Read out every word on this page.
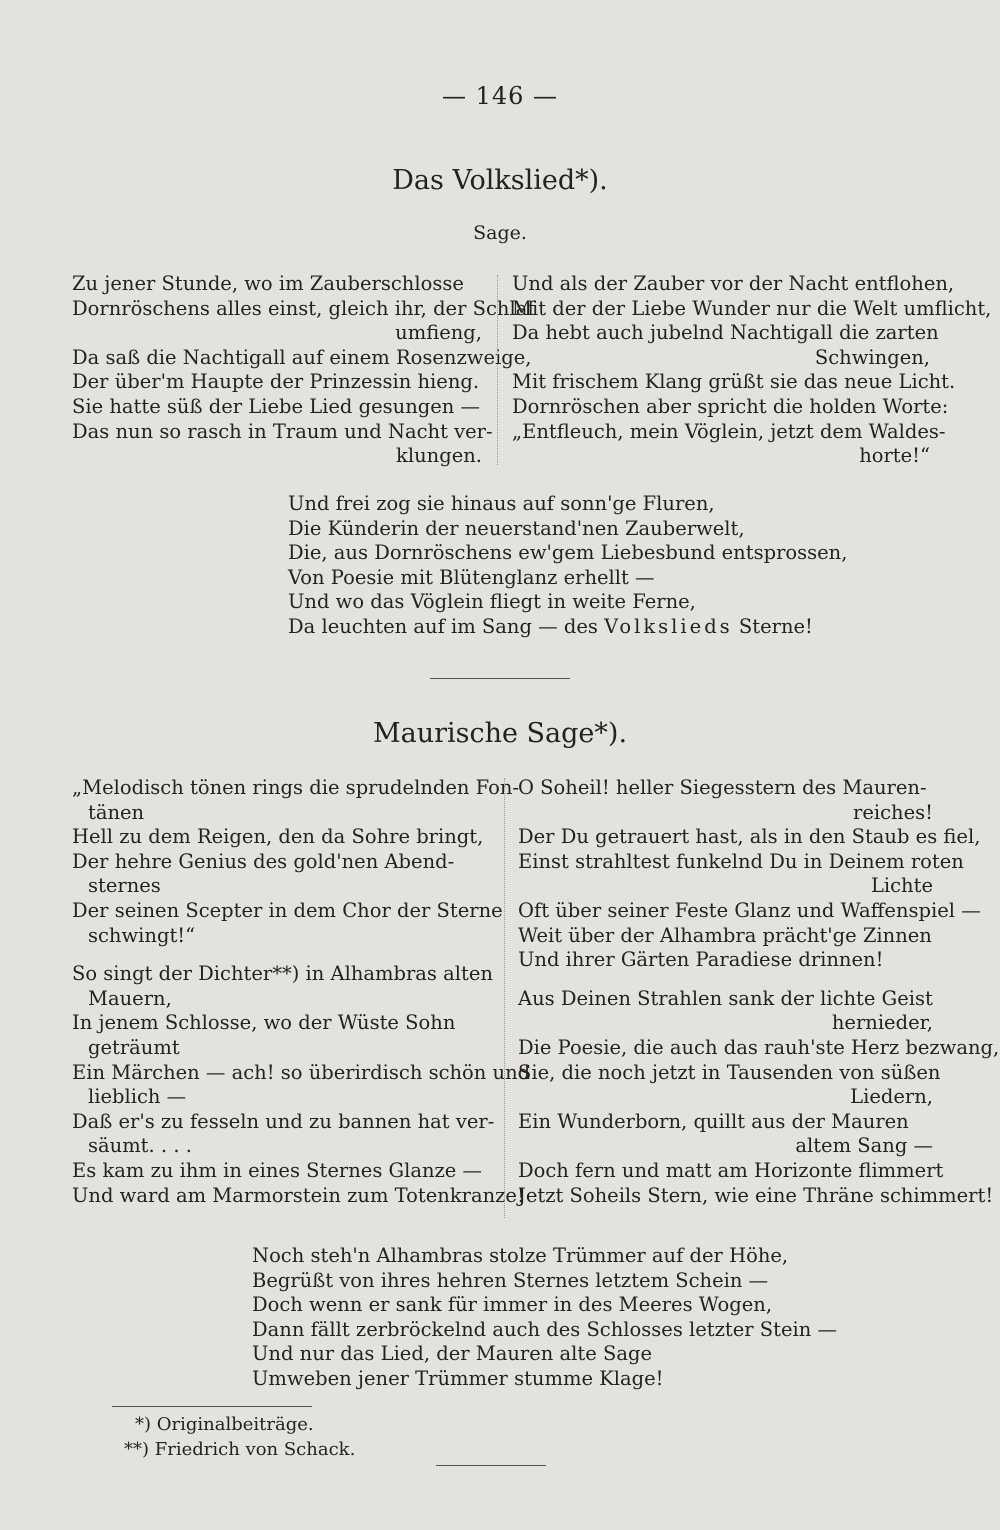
— 146 —
Das Volkslied*).
Sage.
Zu jener Stunde, wo im Zauberschlosse
Dornröschens alles einst, gleich ihr, der Schlaf
umfieng,
Da saß die Nachtigall auf einem Rosenzweige,
Der über'm Haupte der Prinzessin hieng.
Sie hatte süß der Liebe Lied gesungen —
Das nun so rasch in Traum und Nacht ver-
klungen.
Und als der Zauber vor der Nacht entflohen,
Mit der der Liebe Wunder nur die Welt umflicht,
Da hebt auch jubelnd Nachtigall die zarten
Schwingen,
Mit frischem Klang grüßt sie das neue Licht.
Dornröschen aber spricht die holden Worte:
„Entfleuch, mein Vöglein, jetzt dem Waldes-
horte!“
Und frei zog sie hinaus auf sonn'ge Fluren,
Die Künderin der neuerstand'nen Zauberwelt,
Die, aus Dornröschens ew'gem Liebesbund entsprossen,
Von Poesie mit Blütenglanz erhellt —
Und wo das Vöglein fliegt in weite Ferne,
Da leuchten auf im Sang — des Volkslieds Sterne!
Maurische Sage*).
„Melodisch tönen rings die sprudelnden Fon-
tänen
Hell zu dem Reigen, den da Sohre bringt,
Der hehre Genius des gold'nen Abend-
sternes
Der seinen Scepter in dem Chor der Sterne
schwingt!“
So singt der Dichter**) in Alhambras alten
Mauern,
In jenem Schlosse, wo der Wüste Sohn
geträumt
Ein Märchen — ach! so überirdisch schön und
lieblich —
Daß er's zu fesseln und zu bannen hat ver-
säumt. . . .
Es kam zu ihm in eines Sternes Glanze —
Und ward am Marmorstein zum Totenkranze!
O Soheil! heller Siegesstern des Mauren-
reiches!
Der Du getrauert hast, als in den Staub es fiel,
Einst strahltest funkelnd Du in Deinem roten
Lichte
Oft über seiner Feste Glanz und Waffenspiel —
Weit über der Alhambra prächt'ge Zinnen
Und ihrer Gärten Paradiese drinnen!
Aus Deinen Strahlen sank der lichte Geist
hernieder,
Die Poesie, die auch das rauh'ste Herz bezwang,
Sie, die noch jetzt in Tausenden von süßen
Liedern,
Ein Wunderborn, quillt aus der Mauren
altem Sang —
Doch fern und matt am Horizonte flimmert
Jetzt Soheils Stern, wie eine Thräne schimmert!
Noch steh'n Alhambras stolze Trümmer auf der Höhe,
Begrüßt von ihres hehren Sternes letztem Schein —
Doch wenn er sank für immer in des Meeres Wogen,
Dann fällt zerbröckelnd auch des Schlosses letzter Stein —
Und nur das Lied, der Mauren alte Sage
Umweben jener Trümmer stumme Klage!
*) Originalbeiträge.
**) Friedrich von Schack.
